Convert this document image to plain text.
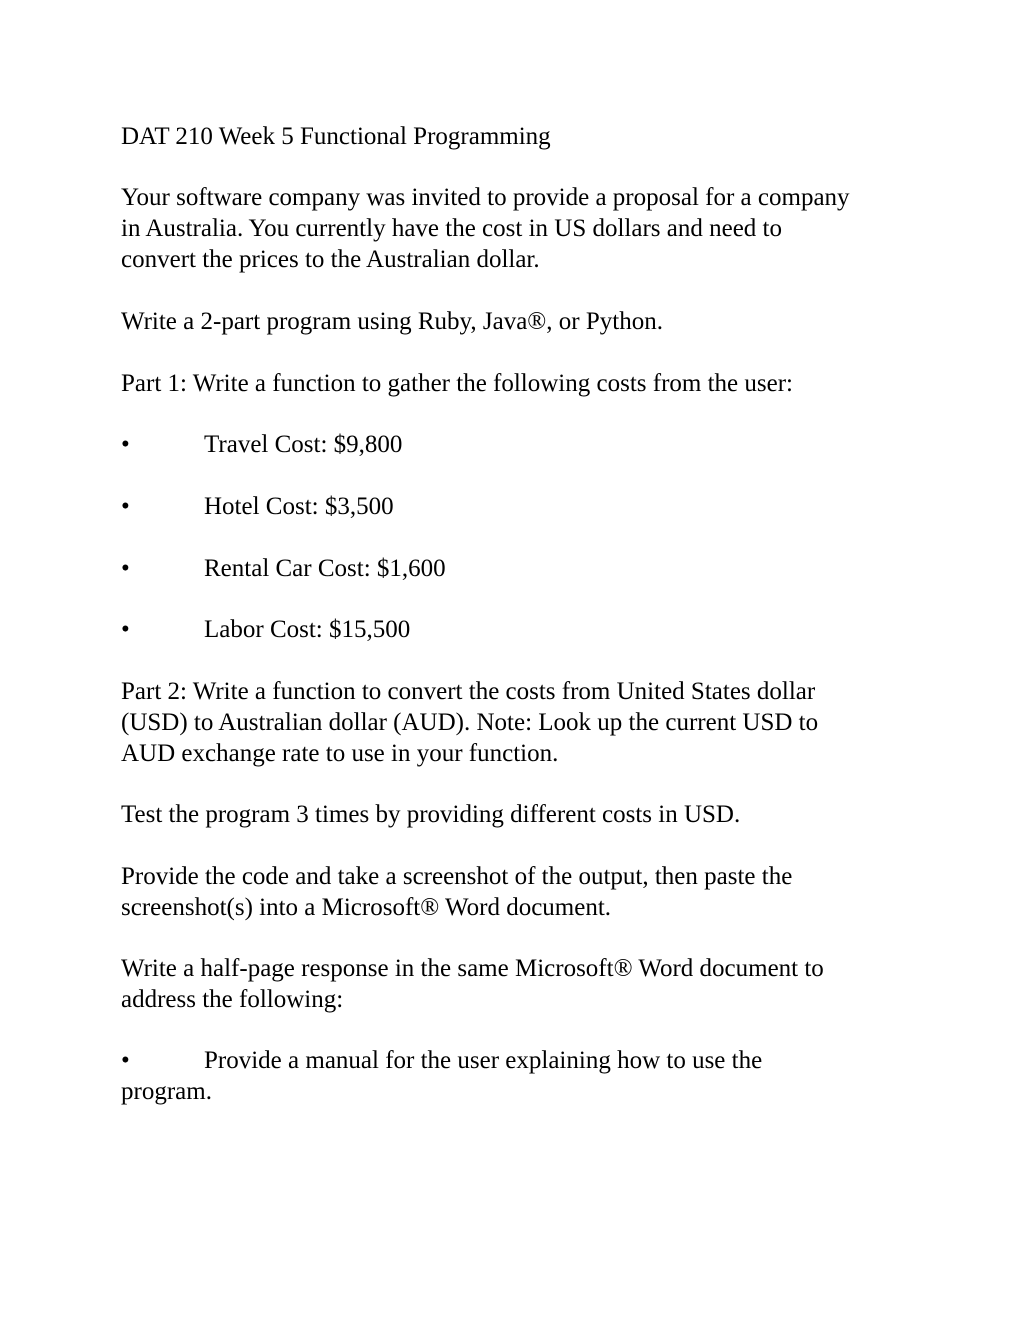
DAT 210 Week 5 Functional Programming
Your software company was invited to provide a proposal for a company
in Australia. You currently have the cost in US dollars and need to
convert the prices to the Australian dollar.
Write a 2-part program using Ruby, Java®, or Python.
Part 1: Write a function to gather the following costs from the user:
•	Travel Cost: $9,800
•	Hotel Cost: $3,500
•	Rental Car Cost: $1,600
•	Labor Cost: $15,500
Part 2: Write a function to convert the costs from United States dollar
(USD) to Australian dollar (AUD). Note: Look up the current USD to
AUD exchange rate to use in your function.
Test the program 3 times by providing different costs in USD.
Provide the code and take a screenshot of the output, then paste the
screenshot(s) into a Microsoft® Word document.
Write a half-page response in the same Microsoft® Word document to
address the following:
•	Provide a manual for the user explaining how to use the
program.
